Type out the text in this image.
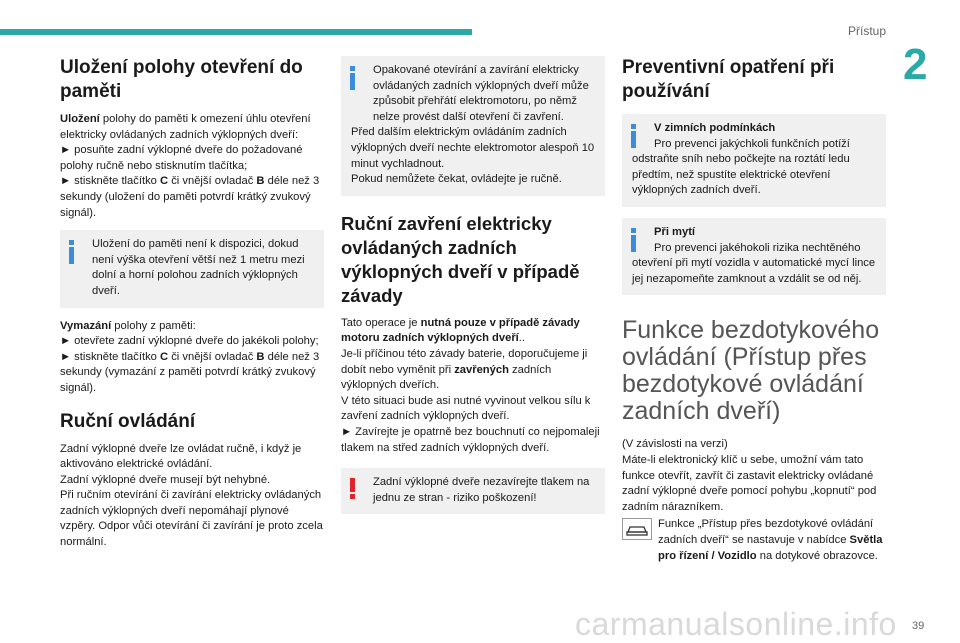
Přístup
2
Uložení polohy otevření do paměti

Uložení polohy do paměti k omezení úhlu otevření elektricky ovládaných zadních výklopných dveří:

► posuňte zadní výklopné dveře do požadované polohy ručně nebo stisknutím tlačítka;

► stiskněte tlačítko C či vnější ovladač B déle než 3 sekundy (uložení do paměti potvrdí krátký zvukový signál).

Uložení do paměti není k dispozici, dokud není výška otevření větší než 1 metru mezi dolní a horní polohou zadních výklopných dveří.

Vymazání polohy z paměti:

► otevřete zadní výklopné dveře do jakékoli polohy;

► stiskněte tlačítko C či vnější ovladač B déle než 3 sekundy (vymazání z paměti potvrdí krátký zvukový signál).

Ruční ovládání

Zadní výklopné dveře lze ovládat ručně, i když je aktivováno elektrické ovládání.

Zadní výklopné dveře musejí být nehybné.

Při ručním otevírání či zavírání elektricky ovládaných zadních výklopných dveří nepomáhají plynové vzpěry. Odpor vůči otevírání či zavírání je proto zcela normální.

Opakované otevírání a zavírání elektricky ovládaných zadních výklopných dveří může způsobit přehřátí elektromotoru, po němž nelze provést další otevření či zavření.
Před dalším elektrickým ovládáním zadních výklopných dveří nechte elektromotor alespoň 10 minut vychladnout.
Pokud nemůžete čekat, ovládejte je ručně.
Ruční zavření elektricky ovládaných zadních výklopných dveří v případě závady

Tato operace je nutná pouze v případě závady motoru zadních výklopných dveří..

Je-li příčinou této závady baterie, doporučujeme ji dobít nebo vyměnit při zavřených zadních výklopných dveřích.

V této situaci bude asi nutné vyvinout velkou sílu k zavření zadních výklopných dveří.

► Zavírejte je opatrně bez bouchnutí co nejpomaleji tlakem na střed zadních výklopných dveří.

Zadní výklopné dveře nezavírejte tlakem na jednu ze stran - riziko poškození!
Preventivní opatření při používání
V zimních podmínkách
Pro prevenci jakýchkoli funkčních potíží odstraňte sníh nebo počkejte na roztátí ledu předtím, než spustíte elektrické otevření výklopných zadních dveří.
Při mytí
Pro prevenci jakéhokoli rizika nechtěného otevření při mytí vozidla v automatické mycí lince jej nezapomeňte zamknout a vzdálit se od něj.
Funkce bezdotykového ovládání (Přístup přes bezdotykové ovládání zadních dveří)

(V závislosti na verzi)

Máte-li elektronický klíč u sebe, umožní vám tato funkce otevřít, zavřít či zastavit elektricky ovládané zadní výklopné dveře pomocí pohybu „kopnutí“ pod zadním nárazníkem.

Funkce „Přístup přes bezdotykové ovládání zadních dveří“ se nastavuje v nabídce Světla pro řízení / Vozidlo na dotykové obrazovce.

carmanualsonline.info 39
